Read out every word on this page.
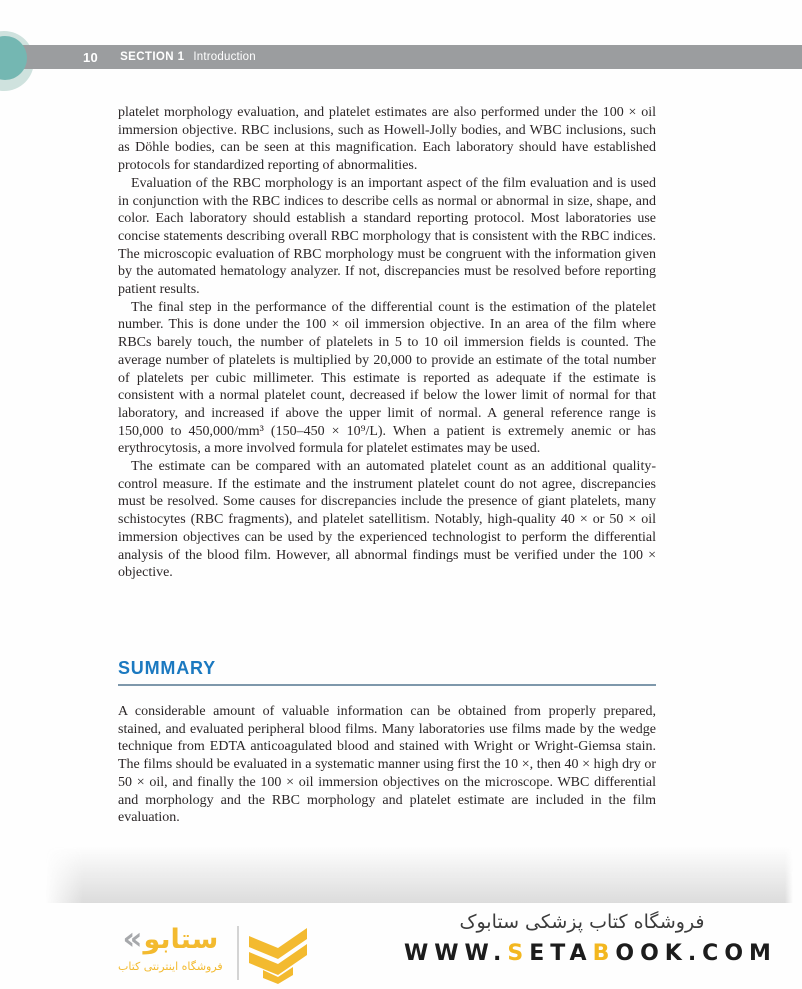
10 SECTION 1 Introduction

platelet morphology evaluation, and platelet estimates are also performed under the 100 × oil immersion objective. RBC inclusions, such as Howell-Jolly bodies, and WBC inclusions, such as Döhle bodies, can be seen at this magnification. Each laboratory should have established protocols for standardized reporting of abnormalities.

Evaluation of the RBC morphology is an important aspect of the film evaluation and is used in conjunction with the RBC indices to describe cells as normal or abnormal in size, shape, and color. Each laboratory should establish a standard reporting protocol. Most laboratories use concise statements describing overall RBC morphology that is consistent with the RBC indices. The microscopic evaluation of RBC morphology must be congruent with the information given by the automated hematology analyzer. If not, discrepancies must be resolved before reporting patient results.

The final step in the performance of the differential count is the estimation of the platelet number. This is done under the 100 × oil immersion objective. In an area of the film where RBCs barely touch, the number of platelets in 5 to 10 oil immersion fields is counted. The average number of platelets is multiplied by 20,000 to provide an estimate of the total number of platelets per cubic millimeter. This estimate is reported as adequate if the estimate is consistent with a normal platelet count, decreased if below the lower limit of normal for that laboratory, and increased if above the upper limit of normal. A general reference range is 150,000 to 450,000/mm³ (150–450 × 10⁹/L). When a patient is extremely anemic or has erythrocytosis, a more involved formula for platelet estimates may be used.

The estimate can be compared with an automated platelet count as an additional quality-control measure. If the estimate and the instrument platelet count do not agree, discrepancies must be resolved. Some causes for discrepancies include the presence of giant platelets, many schistocytes (RBC fragments), and platelet satellitism. Notably, high-quality 40 × or 50 × oil immersion objectives can be used by the experienced technologist to perform the differential analysis of the blood film. However, all abnormal findings must be verified under the 100 × objective.

SUMMARY

A considerable amount of valuable information can be obtained from properly prepared, stained, and evaluated peripheral blood films. Many laboratories use films made by the wedge technique from EDTA anticoagulated blood and stained with Wright or Wright-Giemsa stain. The films should be evaluated in a systematic manner using first the 10 ×, then 40 × high dry or 50 × oil, and finally the 100 × oil immersion objectives on the microscope. WBC differential and morphology and the RBC morphology and platelet estimate are included in the film evaluation.

« ستابو
فروشگاه اینترنتی کتاب
فروشگاه کتاب پزشکی ستابوک
WWW.SETABOOK.COM
